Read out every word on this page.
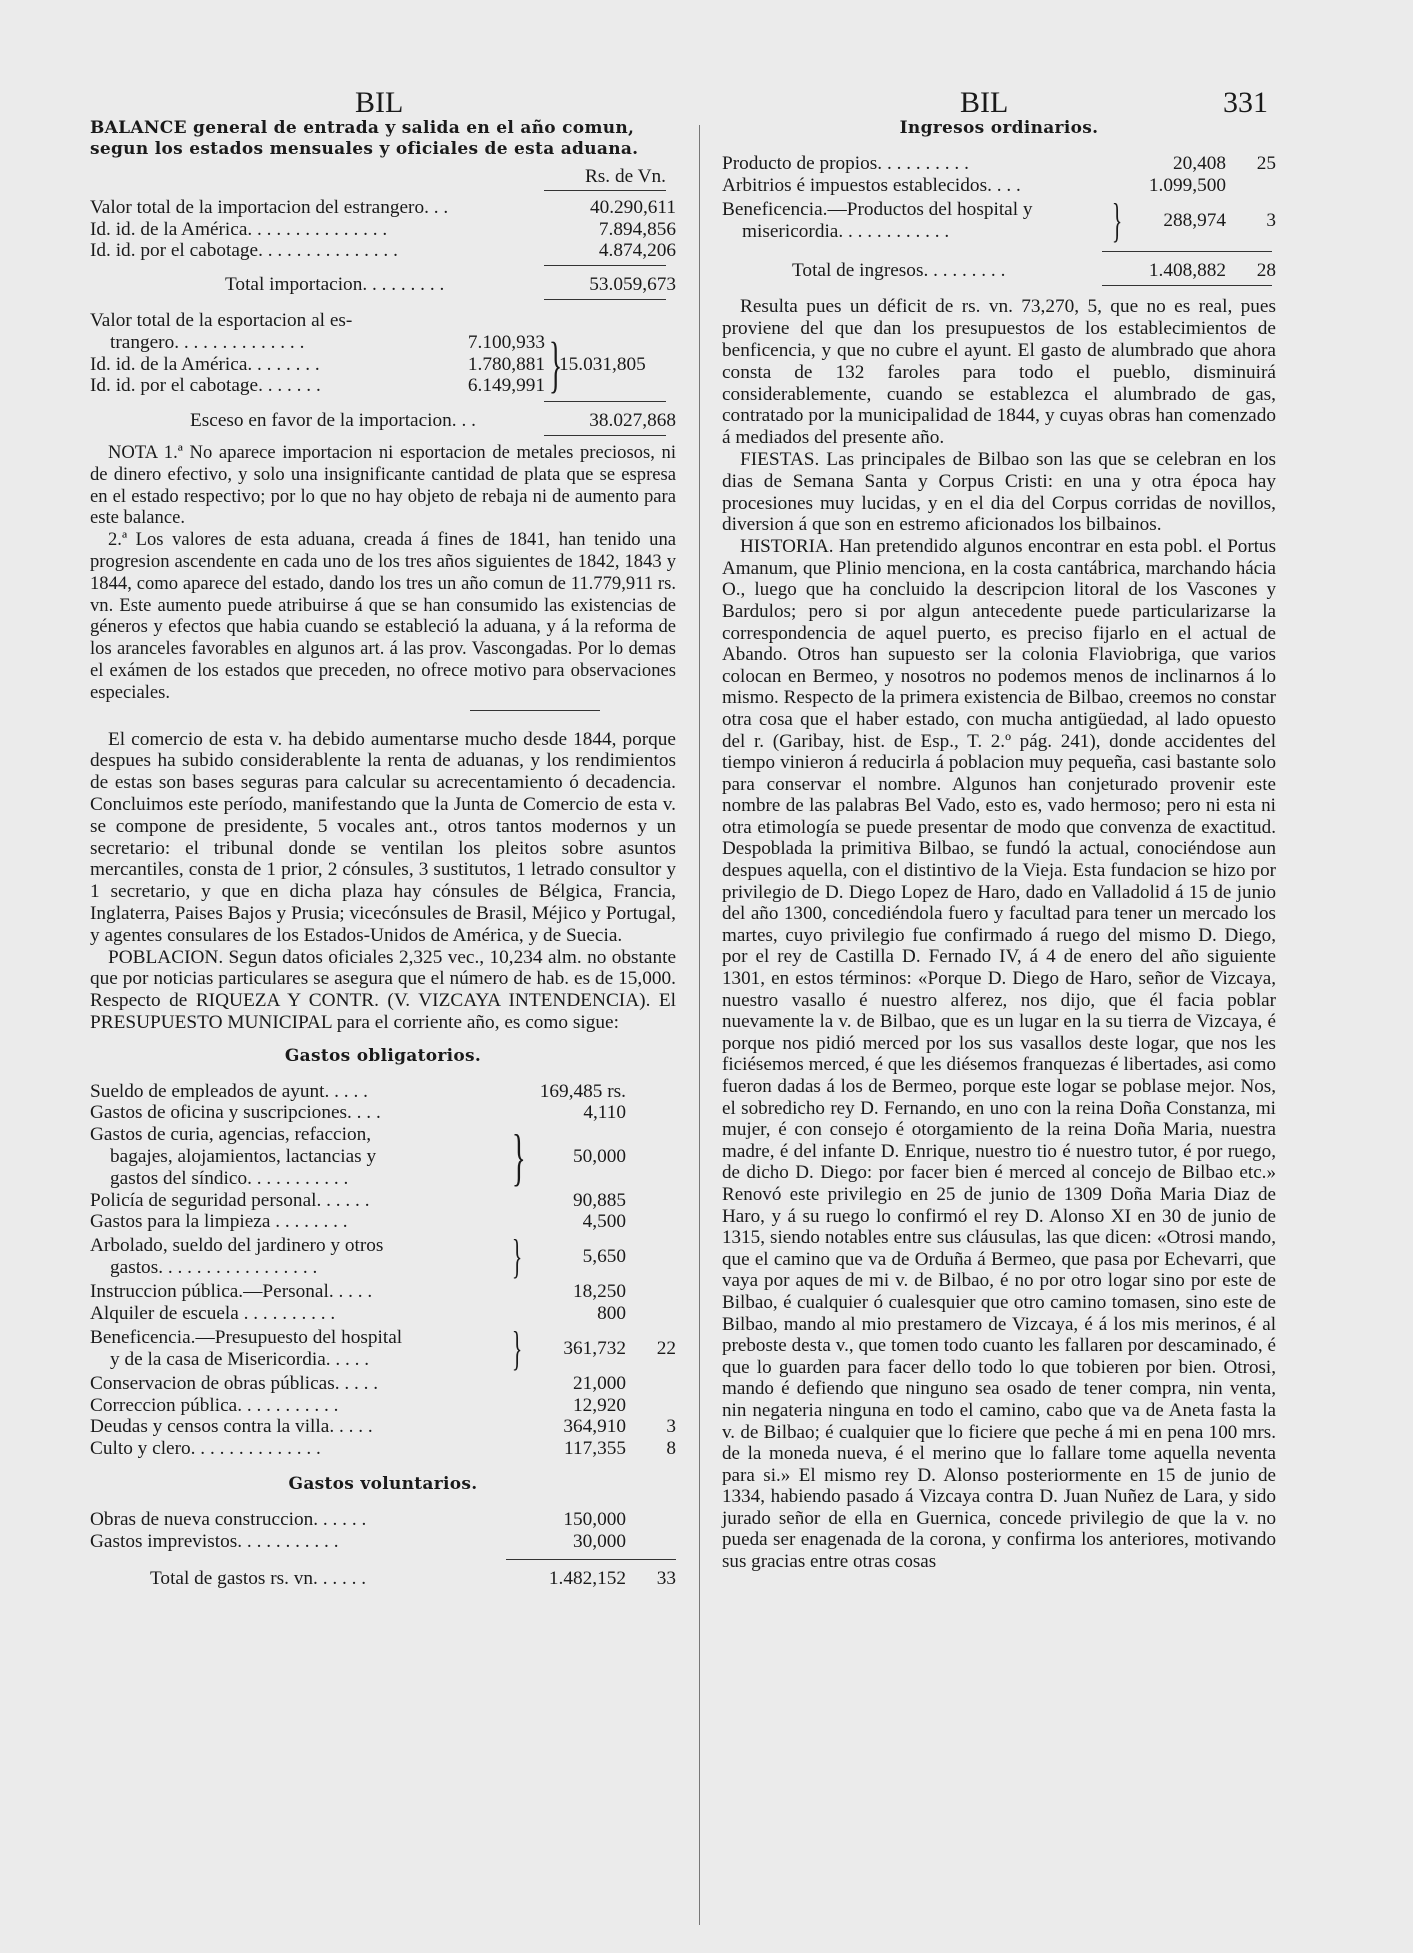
BIL	BIL	331
BALANCE general de entrada y salida en el año comun, segun los estados mensuales y oficiales de esta aduana.
Rs. de Vn.
Valor total de la importacion del estrangero. . .	40.290,611
Id. id. de la América. . . . . . . . . . . . . . .	7.894,856
Id. id. por el cabotage. . . . . . . . . . . . . . .	4.874,206
Total importacion. . . . . . . . .	53.059,673
Valor total de la esportacion al es-
trangero. . . . . . . . . . . . . .	7.100,933
Id. id. de la América. . . . . . . .	1.780,881
Id. id. por el cabotage. . . . . . .	6.149,991 }
15.031,805
Esceso en favor de la importacion. . .	38.027,868

NOTA 1.ª No aparece importacion ni esportacion de metales preciosos, ni de dinero efectivo, y solo una insignificante cantidad de plata que se espresa en el estado respectivo; por lo que no hay objeto de rebaja ni de aumento para este balance.

2.ª Los valores de esta aduana, creada á fines de 1841, han tenido una progresion ascendente en cada uno de los tres años siguientes de 1842, 1843 y 1844, como aparece del estado, dando los tres un año comun de 11.779,911 rs. vn. Este aumento puede atribuirse á que se han consumido las existencias de géneros y efectos que habia cuando se estableció la aduana, y á la reforma de los aranceles favorables en algunos art. á las prov. Vascongadas. Por lo demas el exámen de los estados que preceden, no ofrece motivo para observaciones especiales.

El comercio de esta v. ha debido aumentarse mucho desde 1844, porque despues ha subido considerablente la renta de aduanas, y los rendimientos de estas son bases seguras para calcular su acrecentamiento ó decadencia. Concluimos este período, manifestando que la Junta de Comercio de esta v. se compone de presidente, 5 vocales ant., otros tantos modernos y un secretario: el tribunal donde se ventilan los pleitos sobre asuntos mercantiles, consta de 1 prior, 2 cónsules, 3 sustitutos, 1 letrado consultor y 1 secretario, y que en dicha plaza hay cónsules de Bélgica, Francia, Inglaterra, Paises Bajos y Prusia; vicecónsules de Brasil, Méjico y Portugal, y agentes consulares de los Estados-Unidos de América, y de Suecia.

POBLACION. Segun datos oficiales 2,325 vec., 10,234 alm. no obstante que por noticias particulares se asegura que el número de hab. es de 15,000. Respecto de RIQUEZA Y CONTR. (V. VIZCAYA INTENDENCIA). El PRESUPUESTO MUNICIPAL para el corriente año, es como sigue:

Gastos obligatorios.
Sueldo de empleados de ayunt. . . . .	169,485 rs.
Gastos de oficina y suscripciones. . . .	4,110
Gastos de curia, agencias, refaccion,
bagajes, alojamientos, lactancias y
gastos del síndico. . . . . . . . . . .	}	50,000
Policía de seguridad personal. . . . . .	90,885
Gastos para la limpieza . . . . . . . .	4,500
Arbolado, sueldo del jardinero y otros
gastos. . . . . . . . . . . . . . . . .	}	5,650
Instruccion pública.—Personal. . . . .	18,250
Alquiler de escuela . . . . . . . . . .	800
Beneficencia.—Presupuesto del hospital
y de la casa de Misericordia. . . . .	}	361,732	22
Conservacion de obras públicas. . . . .	21,000
Correccion pública. . . . . . . . . . .	12,920
Deudas y censos contra la villa. . . . .	364,910	3
Culto y clero. . . . . . . . . . . . . .	117,355	8
Gastos voluntarios.
Obras de nueva construccion. . . . . .	150,000
Gastos imprevistos. . . . . . . . . . .	30,000
Total de gastos rs. vn. . . . . .	1.482,152	33
Ingresos ordinarios.
Producto de propios. . . . . . . . . .	20,408	25
Arbitrios é impuestos establecidos. . . .	1.099,500
Beneficencia.—Productos del hospital y
misericordia. . . . . . . . . . . .	}	288,974	3
Total de ingresos. . . . . . . . .	1.408,882	28

Resulta pues un déficit de rs. vn. 73,270, 5, que no es real, pues proviene del que dan los presupuestos de los establecimientos de benficencia, y que no cubre el ayunt. El gasto de alumbrado que ahora consta de 132 faroles para todo el pueblo, disminuirá considerablemente, cuando se establezca el alumbrado de gas, contratado por la municipalidad de 1844, y cuyas obras han comenzado á mediados del presente año.

FIESTAS. Las principales de Bilbao son las que se celebran en los dias de Semana Santa y Corpus Cristi: en una y otra época hay procesiones muy lucidas, y en el dia del Corpus corridas de novillos, diversion á que son en estremo aficionados los bilbainos.

HISTORIA. Han pretendido algunos encontrar en esta pobl. el Portus Amanum, que Plinio menciona, en la costa cantábrica, marchando hácia O., luego que ha concluido la descripcion litoral de los Vascones y Bardulos; pero si por algun antecedente puede particularizarse la correspondencia de aquel puerto, es preciso fijarlo en el actual de Abando. Otros han supuesto ser la colonia Flaviobriga, que varios colocan en Bermeo, y nosotros no podemos menos de inclinarnos á lo mismo. Respecto de la primera existencia de Bilbao, creemos no constar otra cosa que el haber estado, con mucha antigüedad, al lado opuesto del r. (Garibay, hist. de Esp., T. 2.º pág. 241), donde accidentes del tiempo vinieron á reducirla á poblacion muy pequeña, casi bastante solo para conservar el nombre. Algunos han conjeturado provenir este nombre de las palabras Bel Vado, esto es, vado hermoso; pero ni esta ni otra etimología se puede presentar de modo que convenza de exactitud. Despoblada la primitiva Bilbao, se fundó la actual, conociéndose aun despues aquella, con el distintivo de la Vieja. Esta fundacion se hizo por privilegio de D. Diego Lopez de Haro, dado en Valladolid á 15 de junio del año 1300, concediéndola fuero y facultad para tener un mercado los martes, cuyo privilegio fue confirmado á ruego del mismo D. Diego, por el rey de Castilla D. Fernado IV, á 4 de enero del año siguiente 1301, en estos términos: «Porque D. Diego de Haro, señor de Vizcaya, nuestro vasallo é nuestro alferez, nos dijo, que él facia poblar nuevamente la v. de Bilbao, que es un lugar en la su tierra de Vizcaya, é porque nos pidió merced por los sus vasallos deste logar, que nos les ficiésemos merced, é que les diésemos franquezas é libertades, asi como fueron dadas á los de Bermeo, porque este logar se poblase mejor. Nos, el sobredicho rey D. Fernando, en uno con la reina Doña Constanza, mi mujer, é con consejo é otorgamiento de la reina Doña Maria, nuestra madre, é del infante D. Enrique, nuestro tio é nuestro tutor, é por ruego, de dicho D. Diego: por facer bien é merced al concejo de Bilbao etc.» Renovó este privilegio en 25 de junio de 1309 Doña Maria Diaz de Haro, y á su ruego lo confirmó el rey D. Alonso XI en 30 de junio de 1315, siendo notables entre sus cláusulas, las que dicen: «Otrosi mando, que el camino que va de Orduña á Bermeo, que pasa por Echevarri, que vaya por aques de mi v. de Bilbao, é no por otro logar sino por este de Bilbao, é cualquier ó cualesquier que otro camino tomasen, sino este de Bilbao, mando al mio prestamero de Vizcaya, é á los mis merinos, é al preboste desta v., que tomen todo cuanto les fallaren por descaminado, é que lo guarden para facer dello todo lo que tobieren por bien. Otrosi, mando é defiendo que ninguno sea osado de tener compra, nin venta, nin negateria ninguna en todo el camino, cabo que va de Aneta fasta la v. de Bilbao; é cualquier que lo ficiere que peche á mi en pena 100 mrs. de la moneda nueva, é el merino que lo fallare tome aquella neventa para si.» El mismo rey D. Alonso posteriormente en 15 de junio de 1334, habiendo pasado á Vizcaya contra D. Juan Nuñez de Lara, y sido jurado señor de ella en Guernica, concede privilegio de que la v. no pueda ser enagenada de la corona, y confirma los anteriores, motivando sus gracias entre otras cosas
